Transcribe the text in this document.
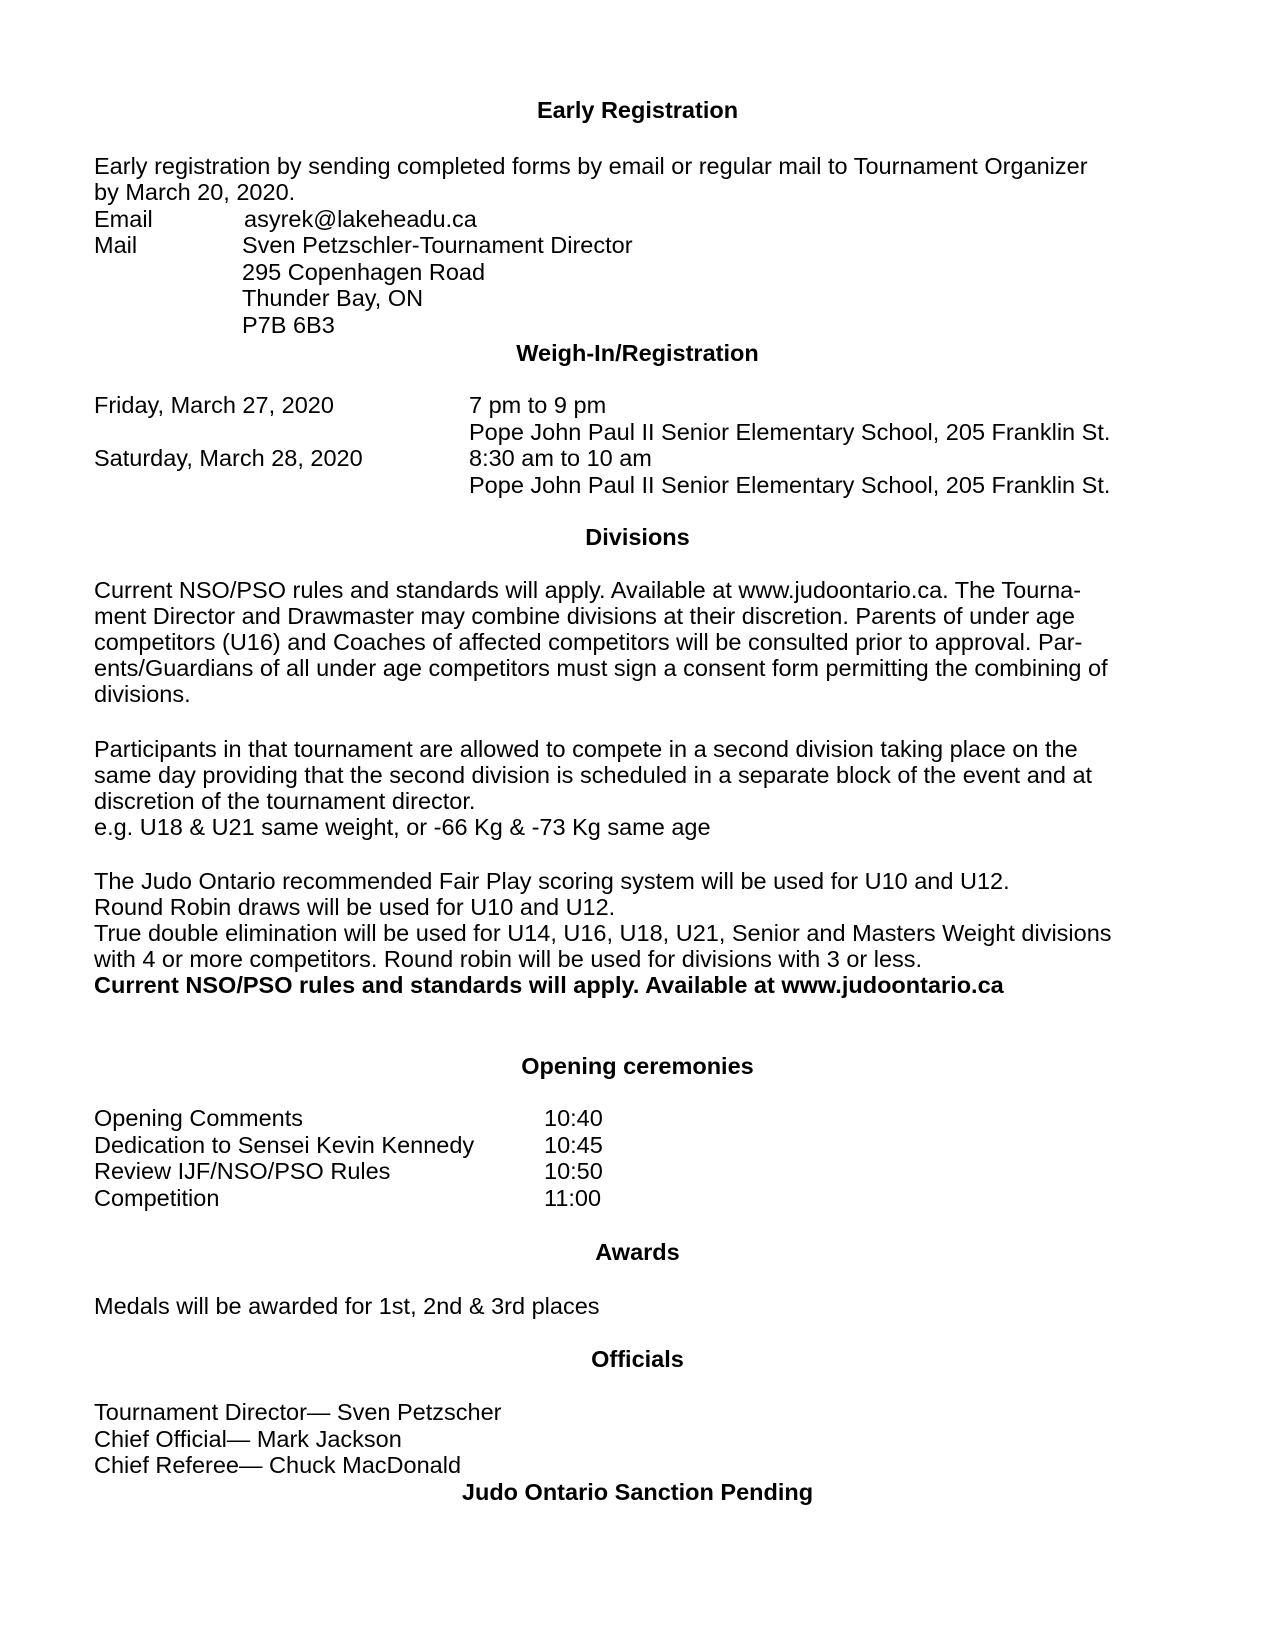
Early Registration
Early registration by sending completed forms by email or regular mail to Tournament Organizer
by March 20, 2020.
Email	asyrek@lakeheadu.ca
Mail	Sven Petzschler-Tournament Director
295 Copenhagen Road
Thunder Bay, ON
P7B 6B3
Weigh-In/Registration
Friday, March 27, 2020	7 pm to 9 pm
Pope John Paul II Senior Elementary School, 205 Franklin St.
Saturday, March 28, 2020	8:30 am to 10 am
Pope John Paul II Senior Elementary School, 205 Franklin St.
Divisions
Current NSO/PSO rules and standards will apply. Available at www.judoontario.ca. The Tourna-
ment Director and Drawmaster may combine divisions at their discretion. Parents of under age
competitors (U16) and Coaches of affected competitors will be consulted prior to approval. Par-
ents/Guardians of all under age competitors must sign a consent form permitting the combining of
divisions.
Participants in that tournament are allowed to compete in a second division taking place on the
same day providing that the second division is scheduled in a separate block of the event and at
discretion of the tournament director.
e.g. U18 & U21 same weight, or -66 Kg & -73 Kg same age
The Judo Ontario recommended Fair Play scoring system will be used for U10 and U12.
Round Robin draws will be used for U10 and U12.
True double elimination will be used for U14, U16, U18, U21, Senior and Masters Weight divisions
with 4 or more competitors. Round robin will be used for divisions with 3 or less.
Current NSO/PSO rules and standards will apply. Available at www.judoontario.ca
Opening ceremonies
Opening Comments	10:40
Dedication to Sensei Kevin Kennedy	10:45
Review IJF/NSO/PSO Rules	10:50
Competition	11:00
Awards
Medals will be awarded for 1st, 2nd & 3rd places
Officials
Tournament Director— Sven Petzscher
Chief Official— Mark Jackson
Chief Referee— Chuck MacDonald
Judo Ontario Sanction Pending
